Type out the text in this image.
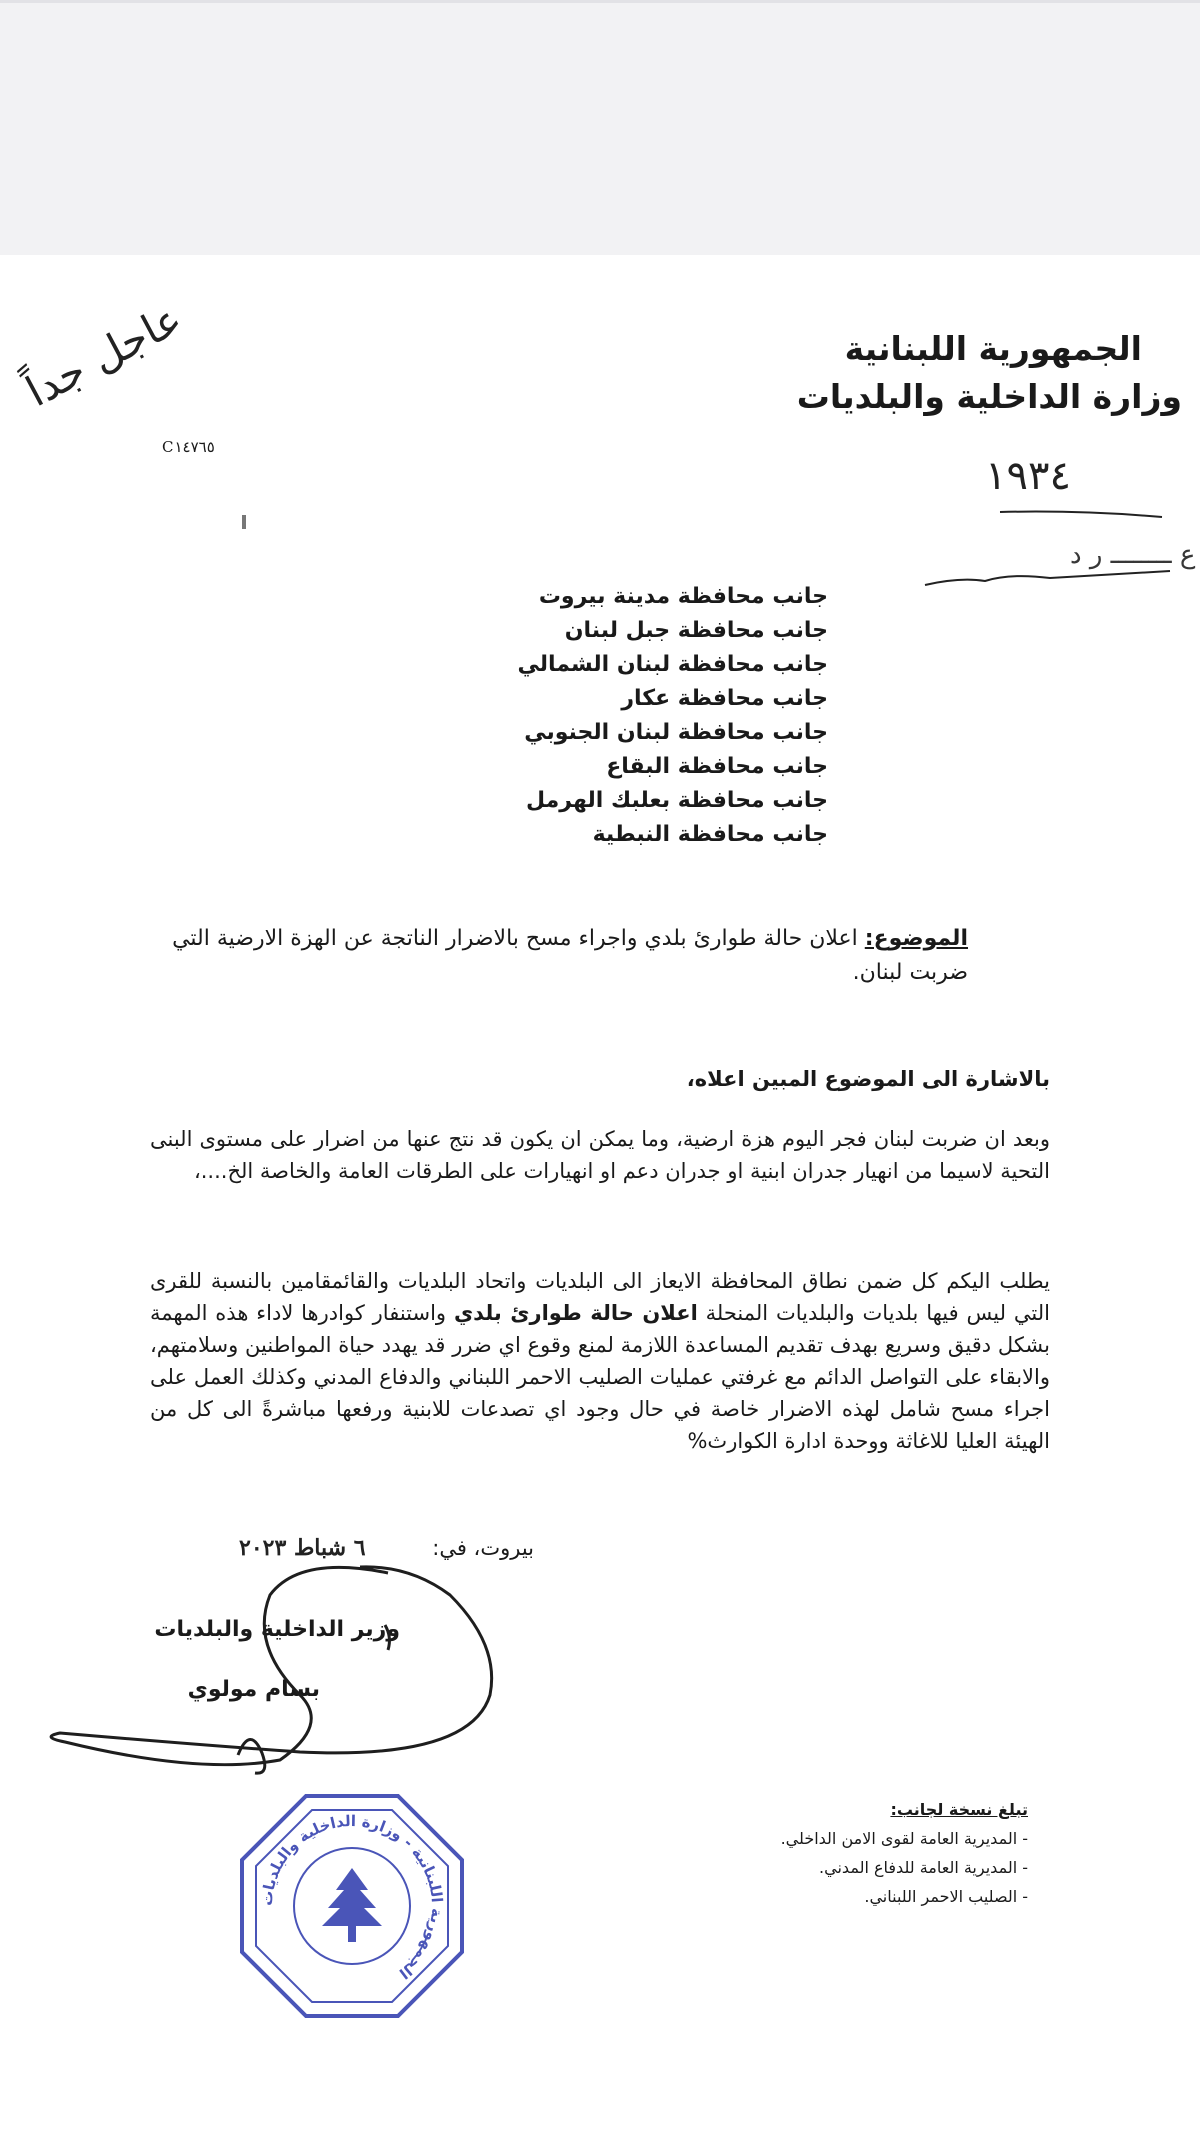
عاجل جداً	الجمهورية اللبنانية
وزارة الداخلية والبلديات
C١٤٧٦٥
١٩٣٤
ع ــــــــ ر د
جانب محافظة مدينة بيروت
جانب محافظة جبل لبنان
جانب محافظة لبنان الشمالي
جانب محافظة عكار
جانب محافظة لبنان الجنوبي
جانب محافظة البقاع
جانب محافظة بعلبك الهرمل
جانب محافظة النبطية
الموضوع: اعلان حالة طوارئ بلدي واجراء مسح بالاضرار الناتجة عن الهزة الارضية التي ضربت لبنان.
بالاشارة الى الموضوع المبين اعلاه،
وبعد ان ضربت لبنان فجر اليوم هزة ارضية، وما يمكن ان يكون قد نتج عنها من اضرار على مستوى البنى التحية لاسيما من انهيار جدران ابنية او جدران دعم او انهيارات على الطرقات العامة والخاصة الخ....،
يطلب اليكم كل ضمن نطاق المحافظة الايعاز الى البلديات واتحاد البلديات والقائمقامين بالنسبة للقرى التي ليس فيها بلديات والبلديات المنحلة اعلان حالة طوارئ بلدي واستنفار كوادرها لاداء هذه المهمة بشكل دقيق وسريع بهدف تقديم المساعدة اللازمة لمنع وقوع اي ضرر قد يهدد حياة المواطنين وسلامتهم، والابقاء على التواصل الدائم مع غرفتي عمليات الصليب الاحمر اللبناني والدفاع المدني وكذلك العمل على اجراء مسح شامل لهذه الاضرار خاصة في حال وجود اي تصدعات للابنية ورفعها مباشرةً الى كل من الهيئة العليا للاغاثة ووحدة ادارة الكوارث%
بيروت، في: ٦ شباط ٢٠٢٣
وزير الداخلية والبلديات
بسام مولوي
تبلغ نسخة لجانب:
- المديرية العامة لقوى الامن الداخلي.
- المديرية العامة للدفاع المدني.
- الصليب الاحمر اللبناني.
الجمهورية اللبنانية - وزارة الداخلية والبلديات
